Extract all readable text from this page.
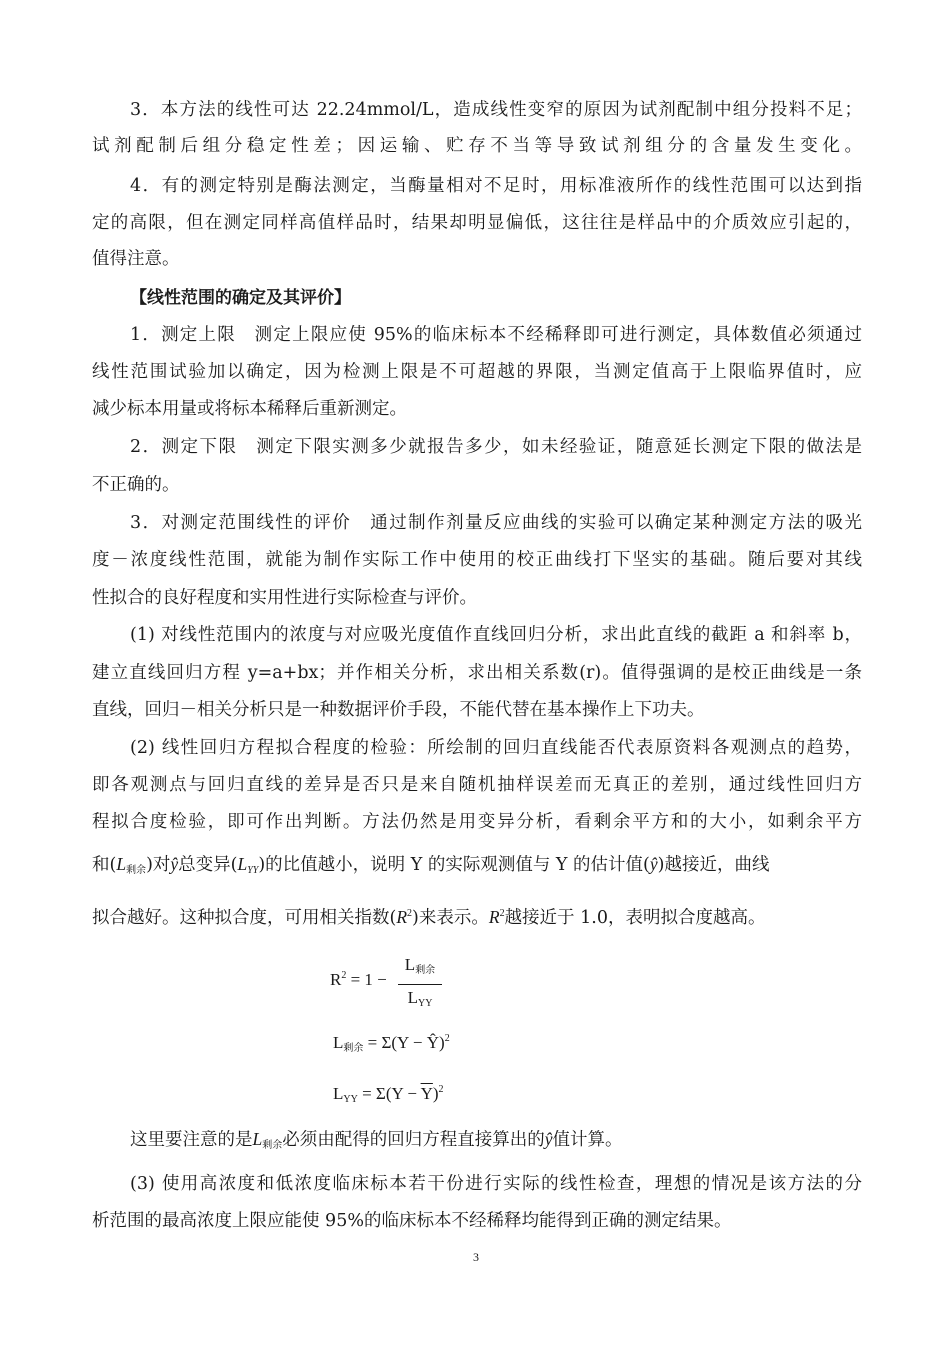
3．本方法的线性可达 22.24mmol/L，造成线性变窄的原因为试剂配制中组分投料不足；
试剂配制后组分稳定性差；因运输、贮存不当等导致试剂组分的含量发生变化。
4．有的测定特别是酶法测定，当酶量相对不足时，用标准液所作的线性范围可以达到指
定的高限，但在测定同样高值样品时，结果却明显偏低，这往往是样品中的介质效应引起的，
值得注意。
【线性范围的确定及其评价】
1．测定上限　测定上限应使 95%的临床标本不经稀释即可进行测定，具体数值必须通过
线性范围试验加以确定，因为检测上限是不可超越的界限，当测定值高于上限临界值时，应
减少标本用量或将标本稀释后重新测定。
2．测定下限　测定下限实测多少就报告多少，如未经验证，随意延长测定下限的做法是
不正确的。
3．对测定范围线性的评价　通过制作剂量反应曲线的实验可以确定某种测定方法的吸光
度－浓度线性范围，就能为制作实际工作中使用的校正曲线打下坚实的基础。随后要对其线
性拟合的良好程度和实用性进行实际检查与评价。
(1) 对线性范围内的浓度与对应吸光度值作直线回归分析，求出此直线的截距 a 和斜率 b，
建立直线回归方程 y=a+bx；并作相关分析，求出相关系数(r)。值得强调的是校正曲线是一条
直线，回归－相关分析只是一种数据评价手段，不能代替在基本操作上下功夫。
(2) 线性回归方程拟合程度的检验：所绘制的回归直线能否代表原资料各观测点的趋势，
即各观测点与回归直线的差异是否只是来自随机抽样误差而无真正的差别，通过线性回归方
程拟合度检验，即可作出判断。方法仍然是用变异分析，看剩余平方和的大小，如剩余平方
和$(L_{剩余})$对ŷ总变异$(L_{YY})$的比值越小，说明 Y 的实际观测值与 Y 的估计值(ŷ)越接近，曲线
拟合越好。这种拟合度，可用相关指数$(R^2)$来表示。$R^2$越接近于 1.0，表明拟合度越高。
$R^2 = 1$ −
$L_{剩余}$
$L_{YY}$
$L_{剩余} = \Sigma(Y$ − Ŷ)$^2$
$L_{YY} = \Sigma(Y - \overline{Y})^2$
这里要注意的是$L_{剩余}$必须由配得的回归方程直接算出的ŷ值计算。
(3) 使用高浓度和低浓度临床标本若干份进行实际的线性检查，理想的情况是该方法的分
析范围的最高浓度上限应能使 95%的临床标本不经稀释均能得到正确的测定结果。
3
